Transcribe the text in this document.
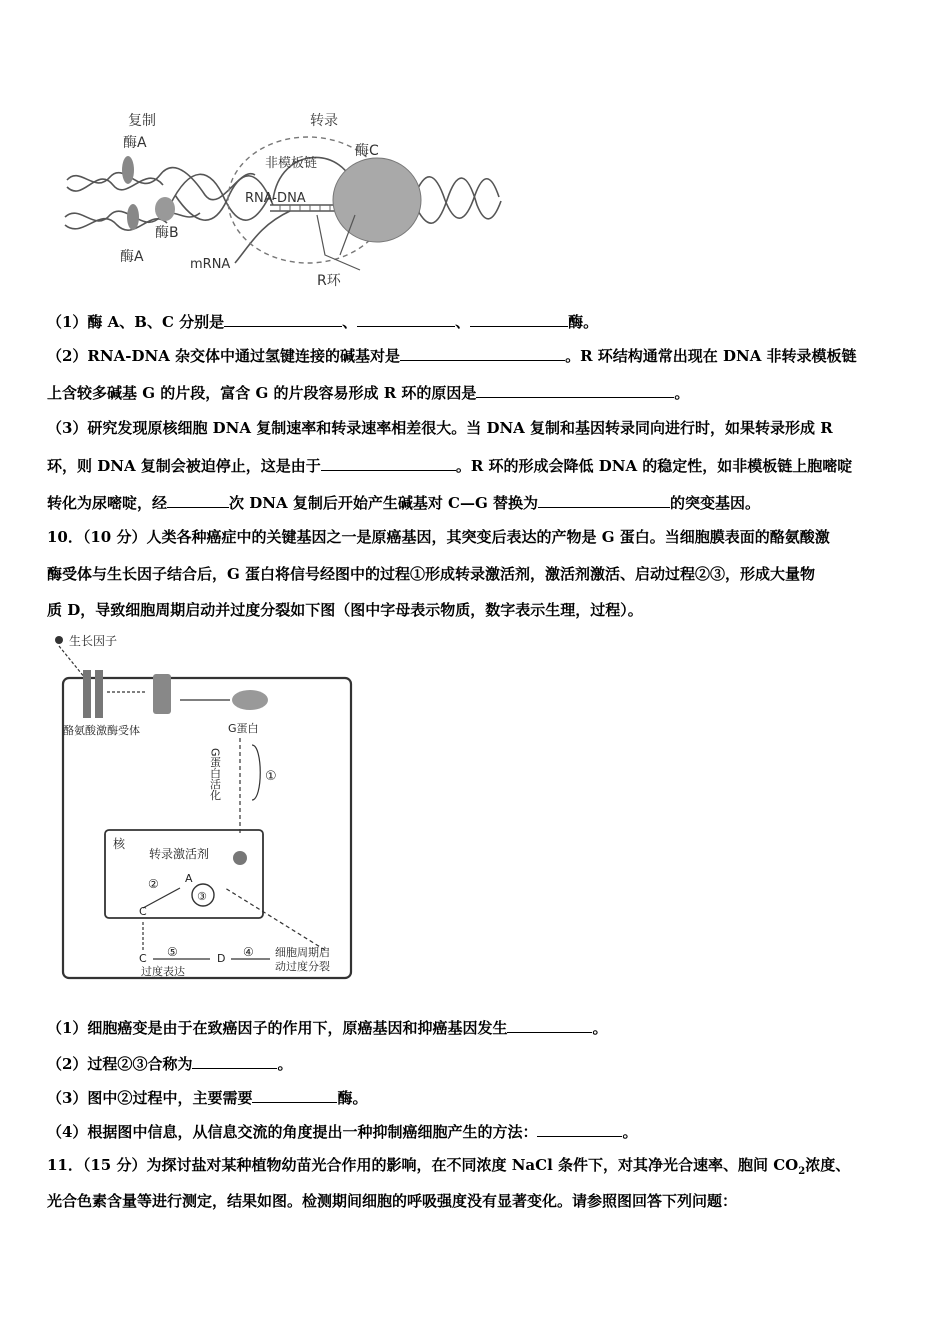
复制
酶A
转录
酶C
非模板链
RNA-DNA
酶B
酶A	mRNA
R环
（1）酶 A、B、C 分别是	、	、	酶。
（2）RNA-DNA 杂交体中通过氢键连接的碱基对是	。R 环结构通常出现在 DNA 非转录模板链
上含较多碱基 G 的片段，富含 G 的片段容易形成 R 环的原因是	。
（3）研究发现原核细胞 DNA 复制速率和转录速率相差很大。当 DNA 复制和基因转录同向进行时，如果转录形成 R
环，则 DNA 复制会被迫停止，这是由于	。R 环的形成会降低 DNA 的稳定性，如非模板链上胞嘧啶
转化为尿嘧啶，经	次 DNA 复制后开始产生碱基对 C—G 替换为	的突变基因。
10．（10 分）人类各种癌症中的关键基因之一是原癌基因，其突变后表达的产物是 G 蛋白。当细胞膜表面的酪氨酸激
酶受体与生长因子结合后，G 蛋白将信号经图中的过程①形成转录激活剂，激活剂激活、启动过程②③，形成大量物
质 D，导致细胞周期启动并过度分裂如下图（图中字母表示物质，数字表示生理，过程）。
生长因子
酪氨酸激酶受体	G蛋白
G蛋白活化	①
核
转录激活剂
A
③
②
C
C ⑤
过度表达
D ④ 细胞周期启
动过度分裂
（1）细胞癌变是由于在致癌因子的作用下，原癌基因和抑癌基因发生	。
（2）过程②③合称为	。
（3）图中②过程中，主要需要	酶。
（4）根据图中信息，从信息交流的角度提出一种抑制癌细胞产生的方法：	。
11．（15 分）为探讨盐对某种植物幼苗光合作用的影响，在不同浓度 NaCl 条件下，对其净光合速率、胞间 $CO_2$浓度、
光合色素含量等进行测定，结果如图。检测期间细胞的呼吸强度没有显著变化。请参照图回答下列问题：
